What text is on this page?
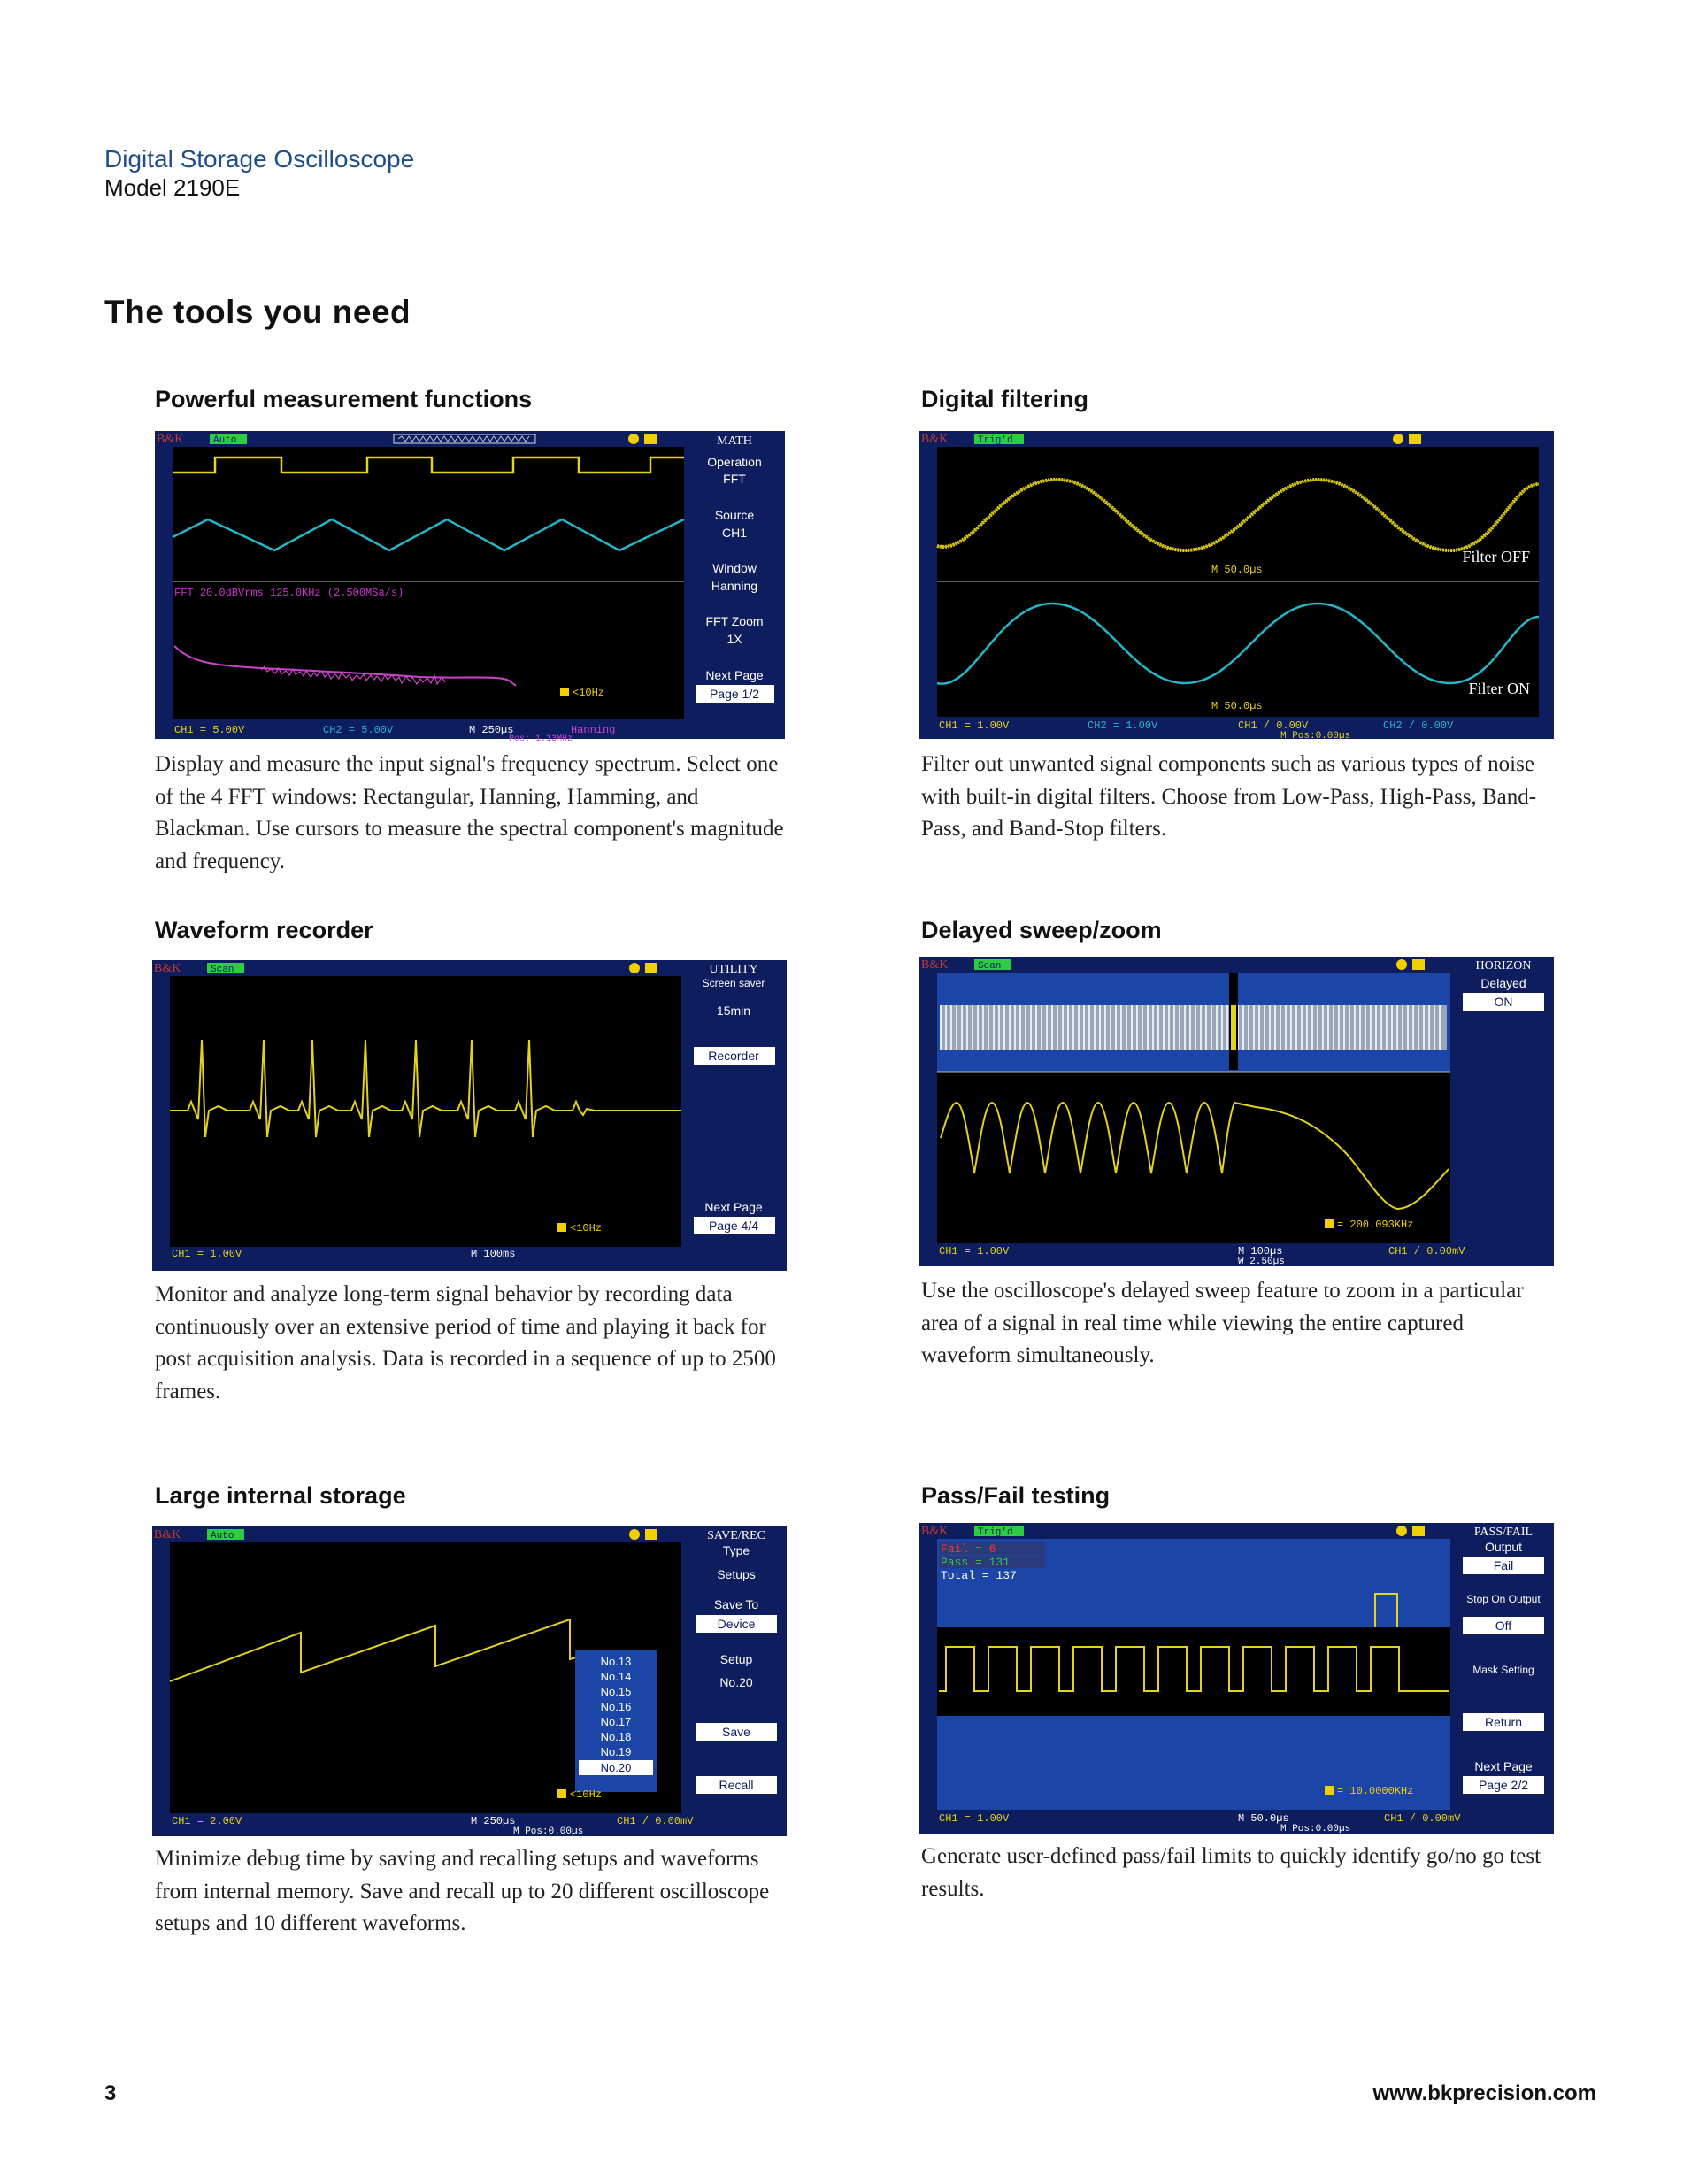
Digital Storage Oscilloscope
Model 2190E
The tools you need
Powerful measurement functions
B&K	Auto
FFT 20.0dBVrms 125.0KHz (2.500MSa/s)
<10Hz
MATH
Operation
FFT
Source
CH1
Window
Hanning
FFT Zoom
1X
Next Page
Page 1/2
CH1 = 5.00V	CH2 = 5.00V	M 250µs	Hanning
Pos: 1.13MHz

Display and measure the input signal's frequency spectrum. Select one of the 4 FFT windows: Rectangular, Hanning, Hamming, and Blackman. Use cursors to measure the spectral component's magnitude and frequency.

Digital filtering
B&K	Trig'd
M 50.0µs
Filter OFF
M 50.0µs
Filter ON
CH1 = 1.00V	CH2 = 1.00V	CH1 / 0.00V	CH2 / 0.00V
M Pos:0.00µs

Filter out unwanted signal components such as various types of noise with built-in digital filters. Choose from Low-Pass, High-Pass, Band-Pass, and Band-Stop filters.

Waveform recorder
B&K	Scan
<10Hz
UTILITY
Screen saver
15min
Recorder
Next Page
Page 4/4
CH1 = 1.00V	M 100ms

Monitor and analyze long-term signal behavior by recording data continuously over an extensive period of time and playing it back for post acquisition analysis. Data is recorded in a sequence of up to 2500 frames.

Delayed sweep/zoom
B&K	Scan
= 200.093KHz
HORIZON
Delayed
ON
CH1 = 1.00V	M 100µs	CH1 / 0.00mV
W 2.50µs

Use the oscilloscope's delayed sweep feature to zoom in a particular area of a signal in real time while viewing the entire captured waveform simultaneously.

Large internal storage
B&K	Auto
No.13
No.14
No.15
No.16
No.17
No.18
No.19
No.20
<10Hz
SAVE/REC
Type
Setups
Save To
Device
Setup
No.20
Save
Recall
CH1 = 2.00V	M 250µs	CH1 / 0.00mV
M Pos:0.00µs

Minimize debug time by saving and recalling setups and waveforms from internal memory. Save and recall up to 20 different oscilloscope setups and 10 different waveforms.

Pass/Fail testing
B&K	Trig'd
Fail = 6
Pass = 131
Total = 137
= 10.0000KHz
PASS/FAIL
Output
Fail
Stop On Output
Off
Mask Setting
Return
Next Page
Page 2/2
CH1 = 1.00V	M 50.0µs	CH1 / 0.00mV
M Pos:0.00µs

Generate user-defined pass/fail limits to quickly identify go/no go test results.

3	www.bkprecision.com
